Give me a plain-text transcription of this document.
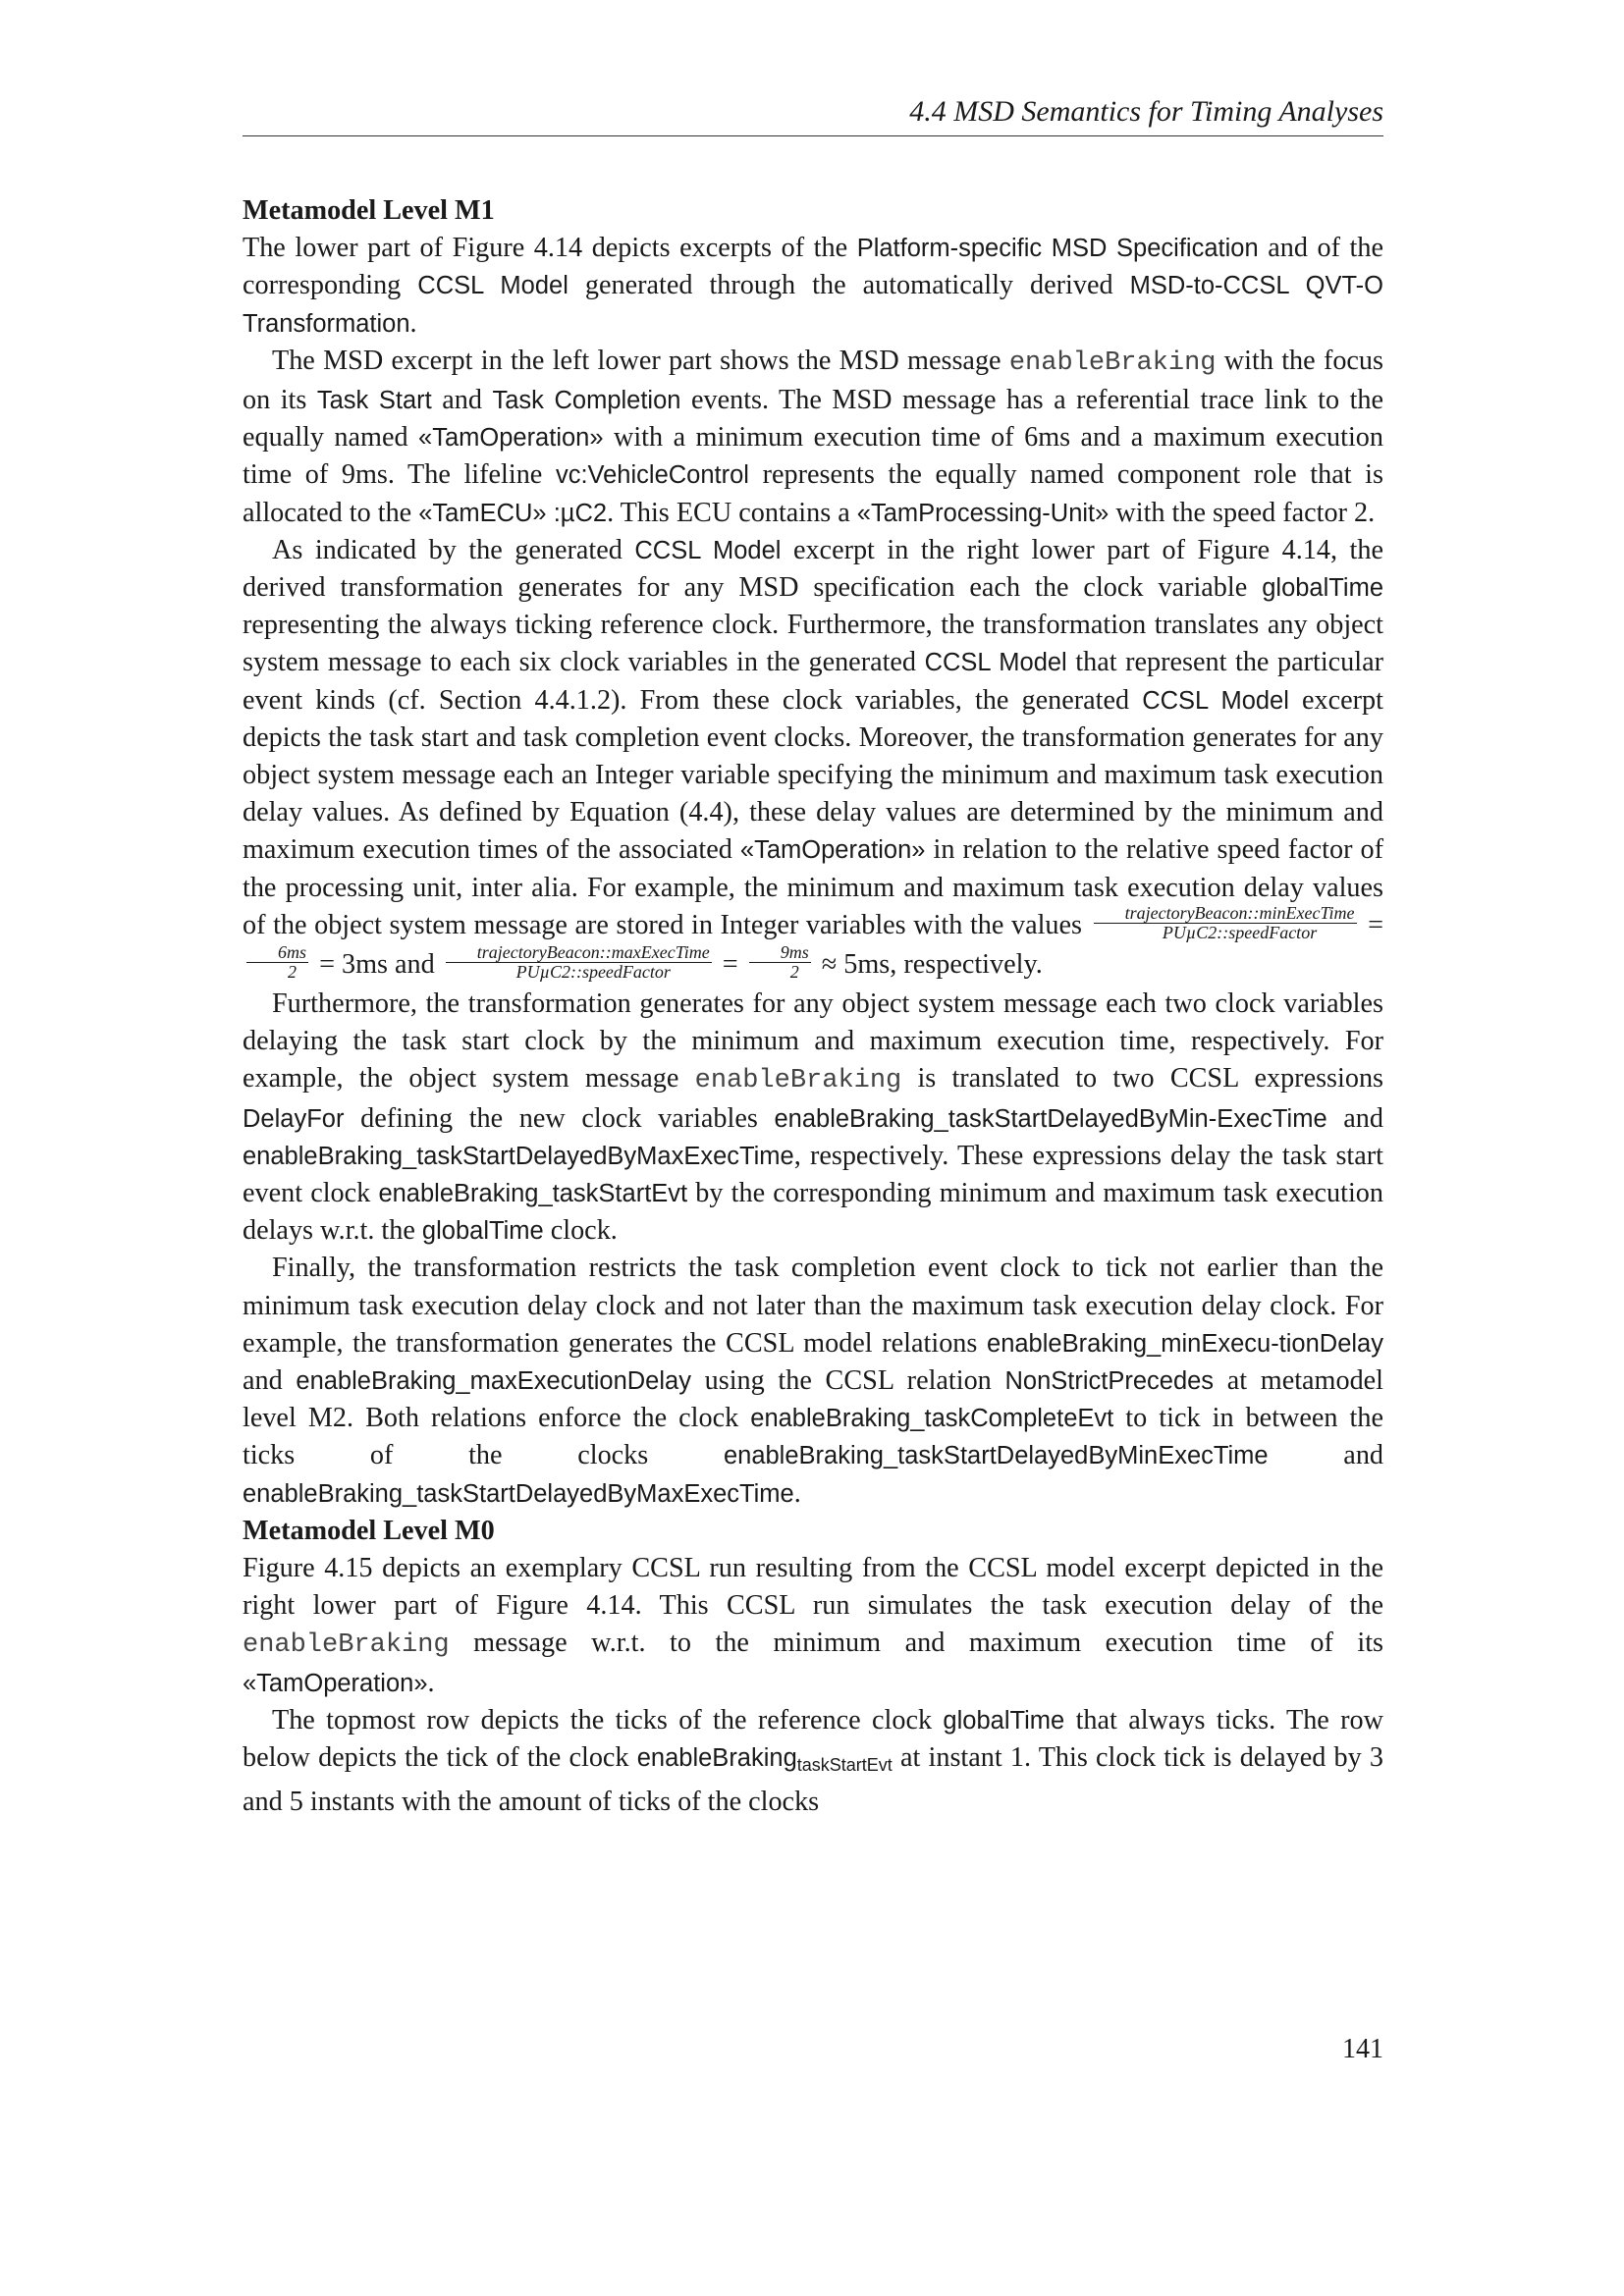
4.4 MSD Semantics for Timing Analyses
Metamodel Level M1

The lower part of Figure 4.14 depicts excerpts of the Platform-specific MSD Specification and of the corresponding CCSL Model generated through the automatically derived MSD-to-CCSL QVT-O Transformation.

The MSD excerpt in the left lower part shows the MSD message enableBraking with the focus on its Task Start and Task Completion events. The MSD message has a referential trace link to the equally named «TamOperation» with a minimum execution time of 6ms and a maximum execution time of 9ms. The lifeline vc:VehicleControl represents the equally named component role that is allocated to the «TamECU» :µC2. This ECU contains a «TamProcessing-Unit» with the speed factor 2.

As indicated by the generated CCSL Model excerpt in the right lower part of Figure 4.14, the derived transformation generates for any MSD specification each the clock variable globalTime representing the always ticking reference clock. Furthermore, the transformation translates any object system message to each six clock variables in the generated CCSL Model that represent the particular event kinds (cf. Section 4.4.1.2). From these clock variables, the generated CCSL Model excerpt depicts the task start and task completion event clocks. Moreover, the transformation generates for any object system message each an Integer variable specifying the minimum and maximum task execution delay values. As defined by Equation (4.4), these delay values are determined by the minimum and maximum execution times of the associated «TamOperation» in relation to the relative speed factor of the processing unit, inter alia. For example, the minimum and maximum task execution delay values of the object system message are stored in Integer variables with the values $\frac{\text{trajectoryBeacon::minExecTime}}{\text{PUµC2::speedFactor}}$ =
$\frac{6ms}{2} = 3ms$ and $\frac{\text{trajectoryBeacon::maxExecTime}}{\text{PUµC2::speedFactor}} = \frac{9ms}{2} \approx 5ms$, respectively.

Furthermore, the transformation generates for any object system message each two clock variables delaying the task start clock by the minimum and maximum execution time, respectively. For example, the object system message enableBraking is translated to two CCSL expressions DelayFor defining the new clock variables enableBraking_taskStartDelayedByMin-ExecTime and enableBraking_taskStartDelayedByMaxExecTime, respectively. These expressions delay the task start event clock enableBraking_taskStartEvt by the corresponding minimum and maximum task execution delays w.r.t. the globalTime clock.

Finally, the transformation restricts the task completion event clock to tick not earlier than the minimum task execution delay clock and not later than the maximum task execution delay clock. For example, the transformation generates the CCSL model relations enableBraking_minExecu-tionDelay and enableBraking_maxExecutionDelay using the CCSL relation NonStrictPrecedes at metamodel level M2. Both relations enforce the clock enableBraking_taskCompleteEvt to tick in between the ticks of the clocks enableBraking_taskStartDelayedByMinExecTime and enableBraking_taskStartDelayedByMaxExecTime.

Metamodel Level M0

Figure 4.15 depicts an exemplary CCSL run resulting from the CCSL model excerpt depicted in the right lower part of Figure 4.14. This CCSL run simulates the task execution delay of the enableBraking message w.r.t. to the minimum and maximum execution time of its «TamOperation».

The topmost row depicts the ticks of the reference clock globalTime that always ticks. The row below depicts the tick of the clock enableBraking$_{taskStartEvt}$ at instant 1. This clock tick is delayed by 3 and 5 instants with the amount of ticks of the clocks

141
